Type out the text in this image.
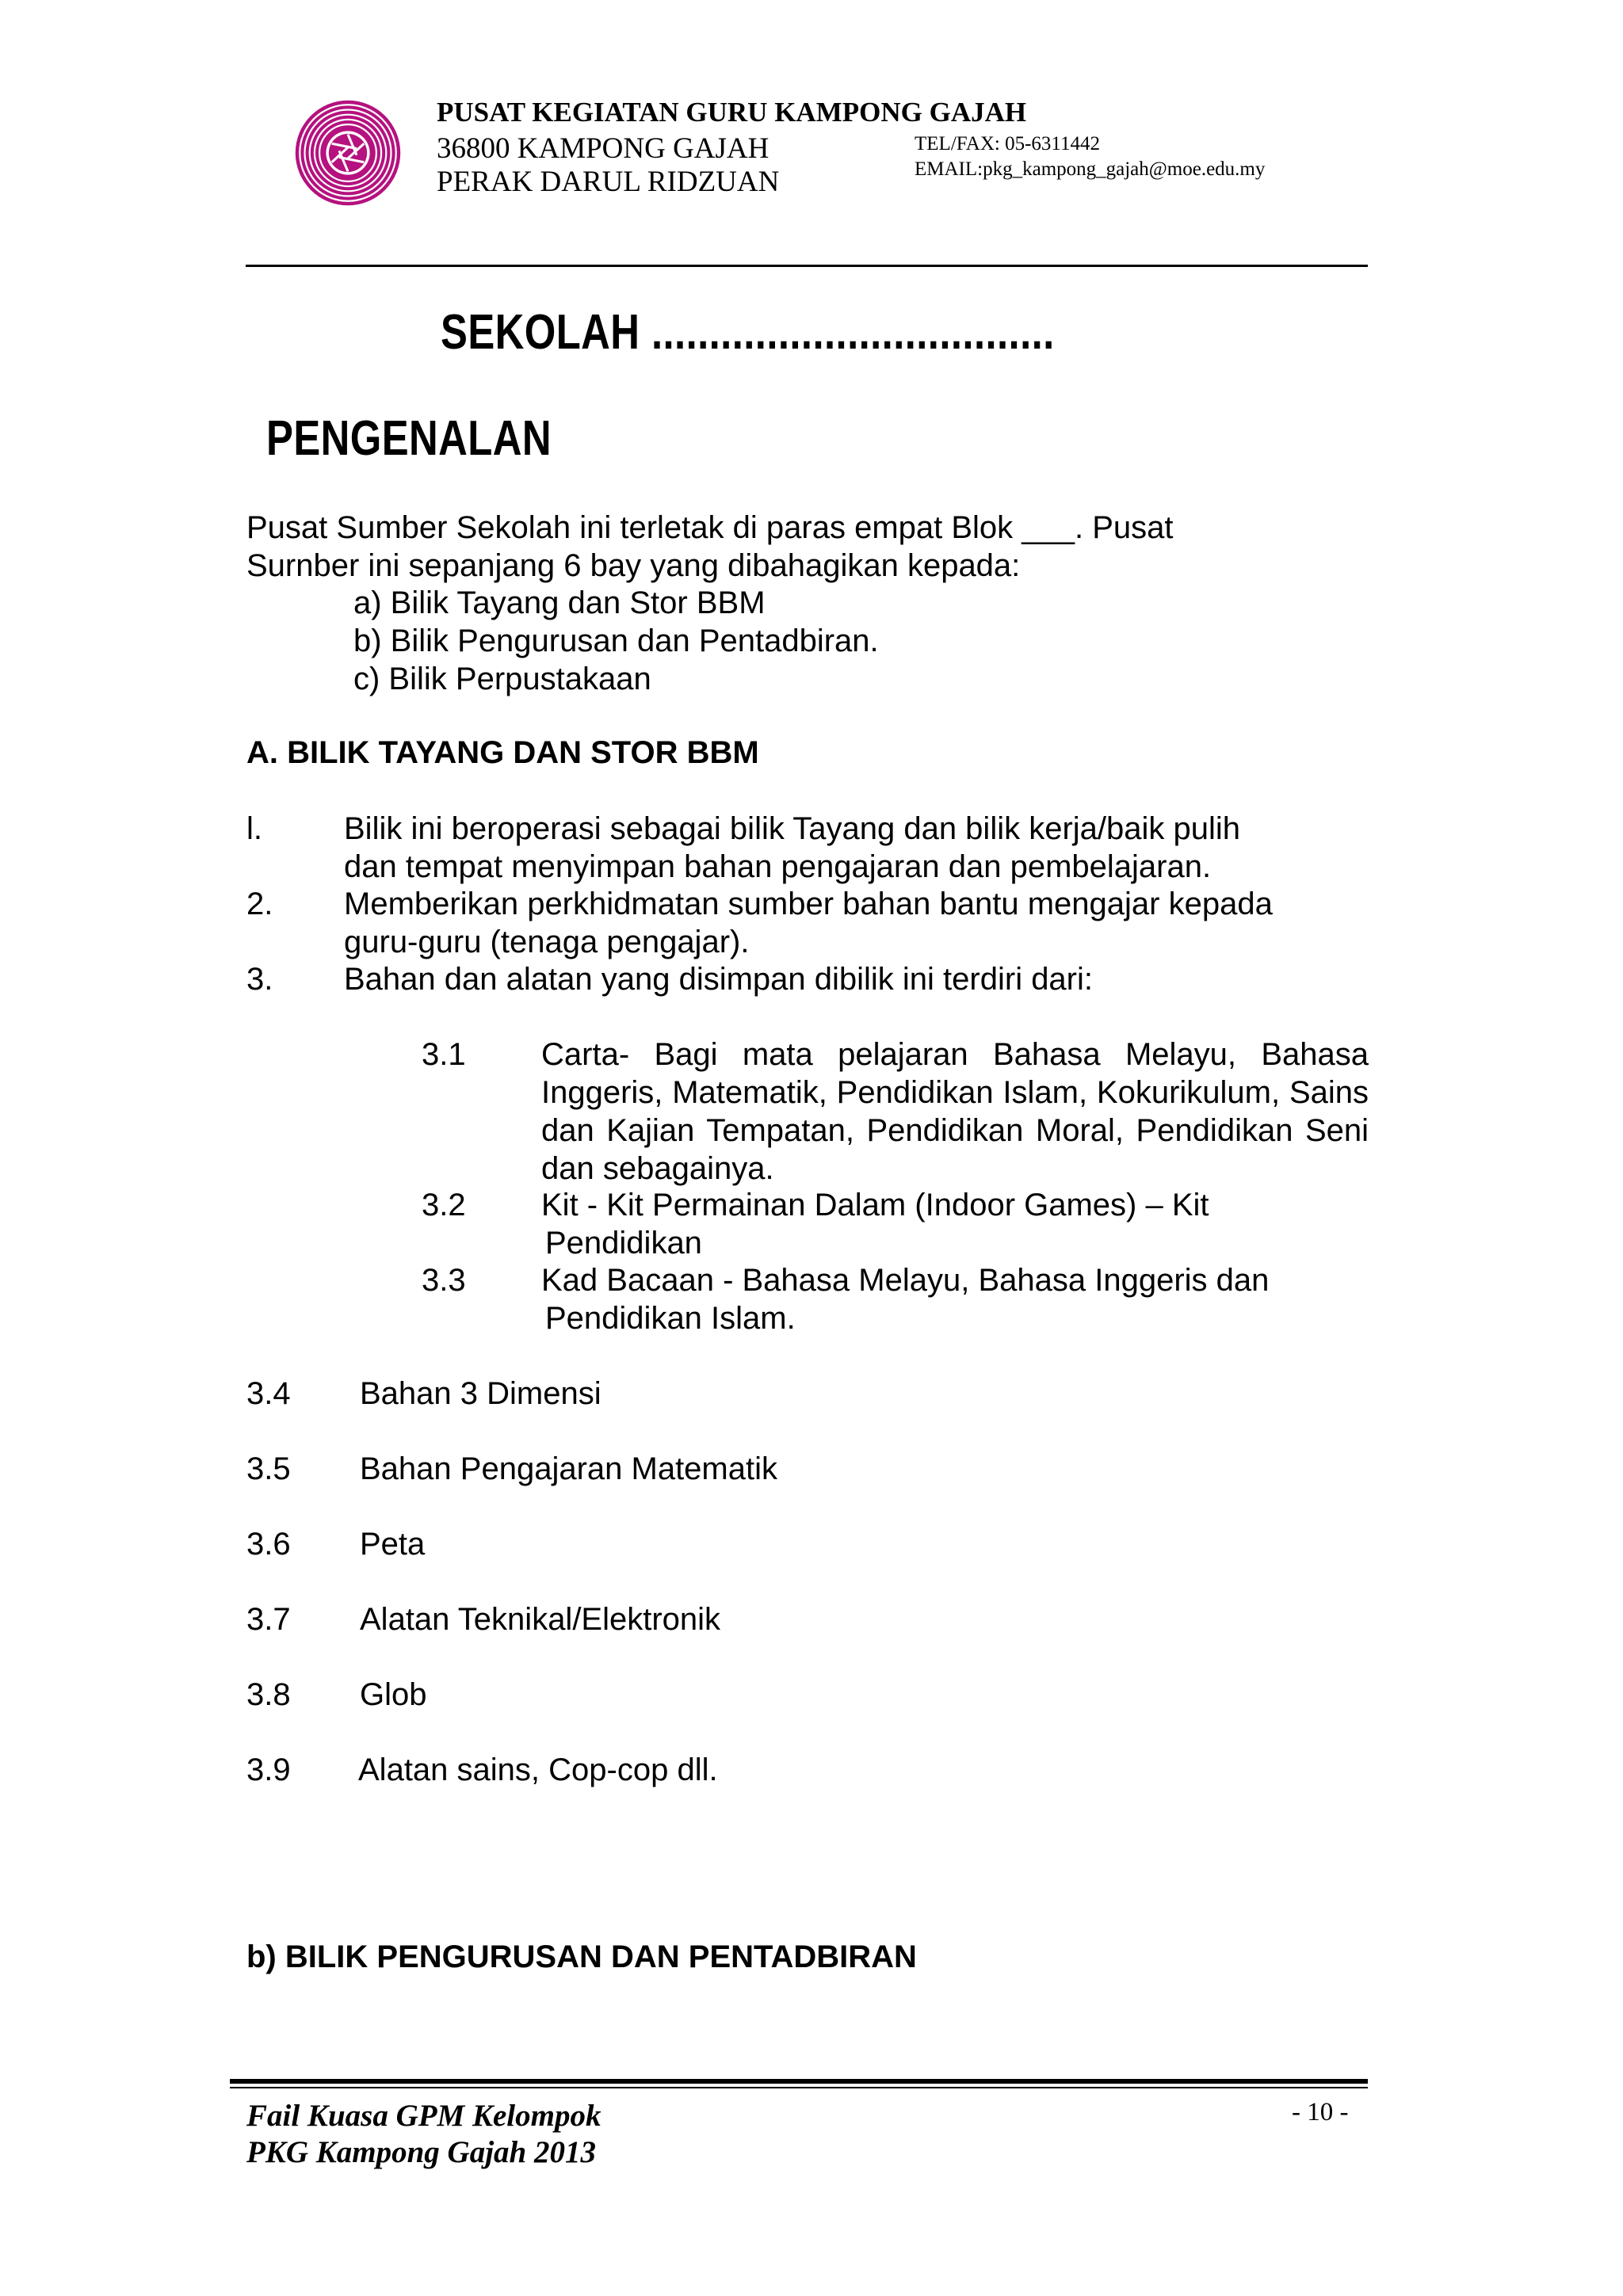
PUSAT KEGIATAN GURU KAMPONG GAJAH
36800 KAMPONG GAJAH
PERAK DARUL RIDZUAN
TEL/FAX: 05-6311442
EMAIL:pkg_kampong_gajah@moe.edu.my
SEKOLAH ...................................
PENGENALAN
Pusat Sumber Sekolah ini terletak di paras empat Blok ___. Pusat
Surnber ini sepanjang 6 bay yang dibahagikan kepada:
a) Bilik Tayang dan Stor BBM
b) Bilik Pengurusan dan Pentadbiran.
c) Bilik Perpustakaan
A. BILIK TAYANG DAN STOR BBM
l.	Bilik ini beroperasi sebagai bilik Tayang dan bilik kerja/baik pulih
dan tempat menyimpan bahan pengajaran dan pembelajaran.
2. Memberikan perkhidmatan sumber bahan bantu mengajar kepada
guru-guru (tenaga pengajar).
3. Bahan dan alatan yang disimpan dibilik ini terdiri dari:
3.1 Carta- Bagi mata pelajaran Bahasa Melayu, Bahasa Inggeris, Matematik, Pendidikan Islam, Kokurikulum, Sains dan Kajian Tempatan, Pendidikan Moral, Pendidikan Seni dan sebagainya.
3.2 Kit - Kit Permainan Dalam (Indoor Games) – Kit
Pendidikan
3.3 Kad Bacaan - Bahasa Melayu, Bahasa Inggeris dan
Pendidikan Islam.
3.4 Bahan 3 Dimensi
3.5 Bahan Pengajaran Matematik
3.6 Peta
3.7 Alatan Teknikal/Elektronik
3.8 Glob
3.9 Alatan sains, Cop-cop dll.
b) BILIK PENGURUSAN DAN PENTADBIRAN
Fail Kuasa GPM Kelompok
PKG Kampong Gajah 2013
- 10 -
